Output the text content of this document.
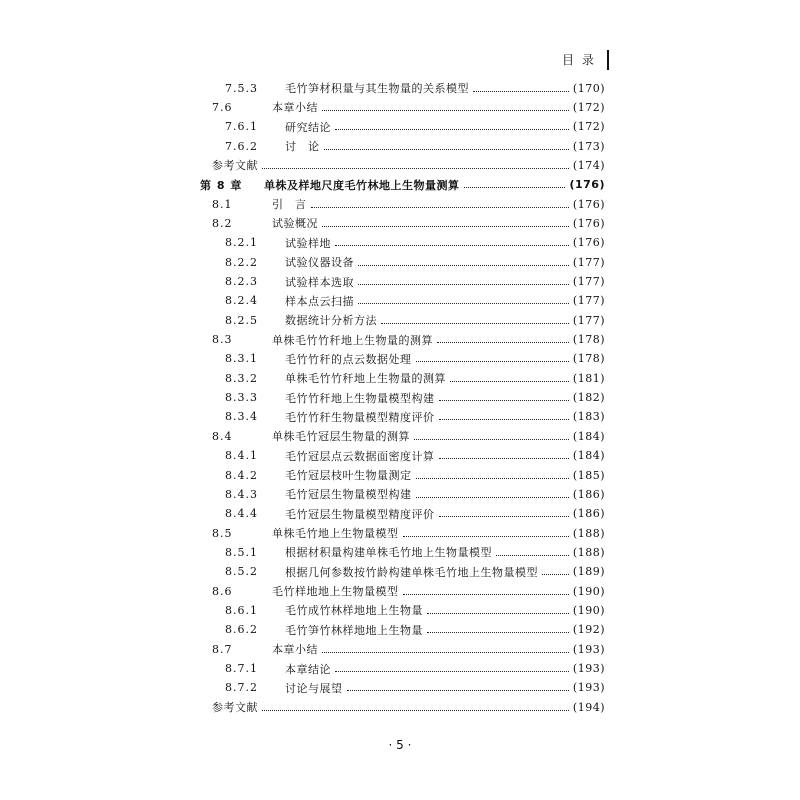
目 录
7.5.3	毛竹笋材积量与其生物量的关系模型	(170)
7.6	本章小结	(172)
7.6.1	研究结论	(172)
7.6.2	讨　论	(173)
参考文献	(174)
第 8 章	单株及样地尺度毛竹林地上生物量测算	(176)
8.1	引　言	(176)
8.2	试验概况	(176)
8.2.1	试验样地	(176)
8.2.2	试验仪器设备	(177)
8.2.3	试验样本选取	(177)
8.2.4	样本点云扫描	(177)
8.2.5	数据统计分析方法	(177)
8.3	单株毛竹竹秆地上生物量的测算	(178)
8.3.1	毛竹竹秆的点云数据处理	(178)
8.3.2	单株毛竹竹秆地上生物量的测算	(181)
8.3.3	毛竹竹秆地上生物量模型构建	(182)
8.3.4	毛竹竹秆生物量模型精度评价	(183)
8.4	单株毛竹冠层生物量的测算	(184)
8.4.1	毛竹冠层点云数据面密度计算	(184)
8.4.2	毛竹冠层枝叶生物量测定	(185)
8.4.3	毛竹冠层生物量模型构建	(186)
8.4.4	毛竹冠层生物量模型精度评价	(186)
8.5	单株毛竹地上生物量模型	(188)
8.5.1	根据材积量构建单株毛竹地上生物量模型	(188)
8.5.2	根据几何参数按竹龄构建单株毛竹地上生物量模型	(189)
8.6	毛竹样地地上生物量模型	(190)
8.6.1	毛竹成竹林样地地上生物量	(190)
8.6.2	毛竹笋竹林样地地上生物量	(192)
8.7	本章小结	(193)
8.7.1	本章结论	(193)
8.7.2	讨论与展望	(193)
参考文献	(194)
· 5 ·
